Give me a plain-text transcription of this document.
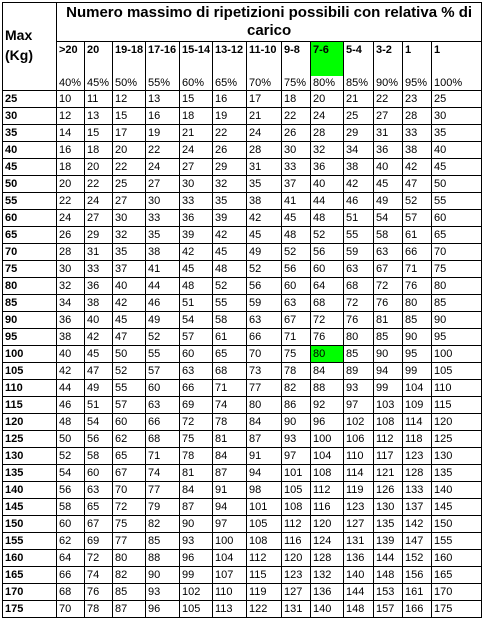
Max (Kg)	Numero massimo di ripetizioni possibili con relativa % di carico												
	>20	20	19-18	17-16	15-14	13-12	11-10	9-8	7-6	5-4	3-2	1	1
	40%	45%	50%	55%	60%	65%	70%	75%	80%	85%	90%	95%	100%
25	10	11	12	13	15	16	17	18	20	21	22	23	25
30	12	13	15	16	18	19	21	22	24	25	27	28	30
35	14	15	17	19	21	22	24	26	28	29	31	33	35
40	16	18	20	22	24	26	28	30	32	34	36	38	40
45	18	20	22	24	27	29	31	33	36	38	40	42	45
50	20	22	25	27	30	32	35	37	40	42	45	47	50
55	22	24	27	30	33	35	38	41	44	46	49	52	55
60	24	27	30	33	36	39	42	45	48	51	54	57	60
65	26	29	32	35	39	42	45	48	52	55	58	61	65
70	28	31	35	38	42	45	49	52	56	59	63	66	70
75	30	33	37	41	45	48	52	56	60	63	67	71	75
80	32	36	40	44	48	52	56	60	64	68	72	76	80
85	34	38	42	46	51	55	59	63	68	72	76	80	85
90	36	40	45	49	54	58	63	67	72	76	81	85	90
95	38	42	47	52	57	61	66	71	76	80	85	90	95
100	40	45	50	55	60	65	70	75	80	85	90	95	100
105	42	47	52	57	63	68	73	78	84	89	94	99	105
110	44	49	55	60	66	71	77	82	88	93	99	104	110
115	46	51	57	63	69	74	80	86	92	97	103	109	115
120	48	54	60	66	72	78	84	90	96	102	108	114	120
125	50	56	62	68	75	81	87	93	100	106	112	118	125
130	52	58	65	71	78	84	91	97	104	110	117	123	130
135	54	60	67	74	81	87	94	101	108	114	121	128	135
140	56	63	70	77	84	91	98	105	112	119	126	133	140
145	58	65	72	79	87	94	101	108	116	123	130	137	145
150	60	67	75	82	90	97	105	112	120	127	135	142	150
155	62	69	77	85	93	100	108	116	124	131	139	147	155
160	64	72	80	88	96	104	112	120	128	136	144	152	160
165	66	74	82	90	99	107	115	123	132	140	148	156	165
170	68	76	85	93	102	110	119	127	136	144	153	161	170
175	70	78	87	96	105	113	122	131	140	148	157	166	175
